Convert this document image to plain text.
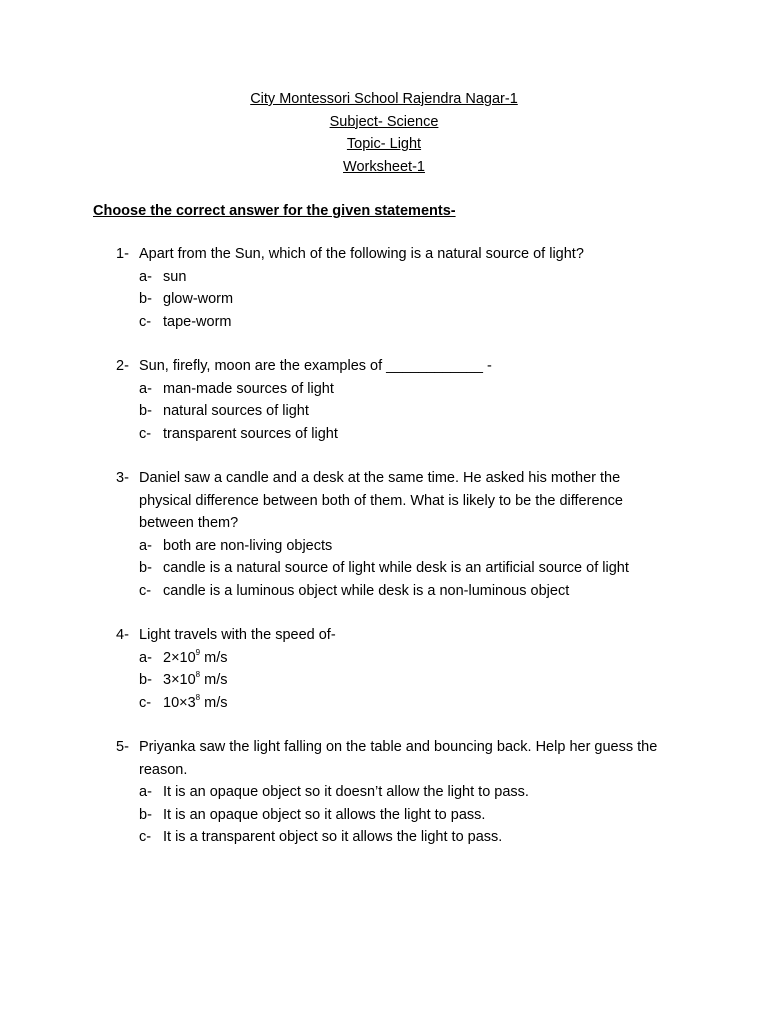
City Montessori School Rajendra Nagar-1
Subject- Science
Topic- Light
Worksheet-1
Choose the correct answer for the given statements-
1- Apart from the Sun, which of the following is a natural source of light?
a- sun
b- glow-worm
c- tape-worm
2- Sun, firefly, moon are the examples of ____________ -
a- man-made sources of light
b- natural sources of light
c- transparent sources of light
3- Daniel saw a candle and a desk at the same time. He asked his mother the physical difference between both of them. What is likely to be the difference between them?
a- both are non-living objects
b- candle is a natural source of light while desk is an artificial source of light
c- candle is a luminous object while desk is a non-luminous object
4- Light travels with the speed of-
a- $2\times 10^9$ m/s
b- $3\times 10^8$ m/s
c- $10\times 3^8$ m/s
5- Priyanka saw the light falling on the table and bouncing back. Help her guess the reason.
a- It is an opaque object so it doesn’t allow the light to pass.
b- It is an opaque object so it allows the light to pass.
c- It is a transparent object so it allows the light to pass.
